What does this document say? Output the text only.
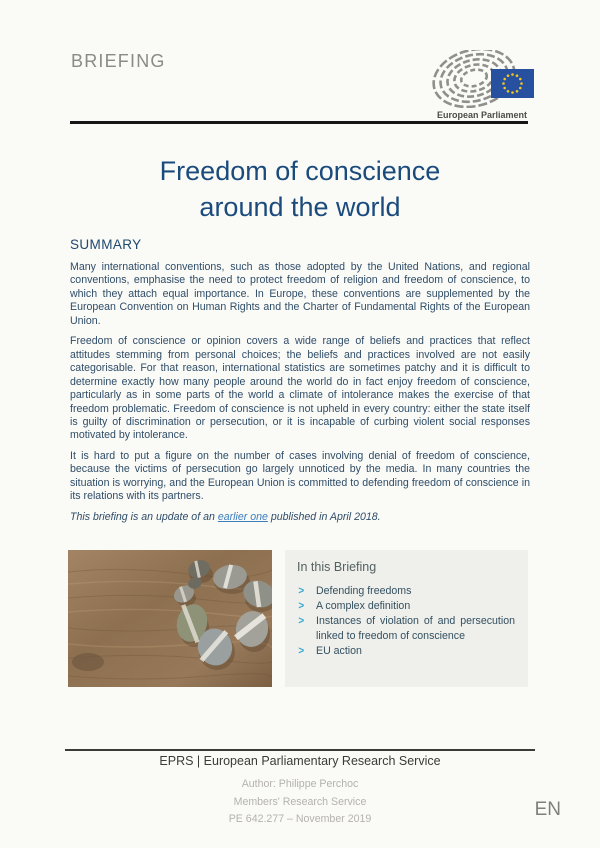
BRIEFING
European Parliament
Freedom of conscience
around the world
SUMMARY

Many international conventions, such as those adopted by the United Nations, and regional conventions, emphasise the need to protect freedom of religion and freedom of conscience, to which they attach equal importance. In Europe, these conventions are supplemented by the European Convention on Human Rights and the Charter of Fundamental Rights of the European Union.

Freedom of conscience or opinion covers a wide range of beliefs and practices that reflect attitudes stemming from personal choices; the beliefs and practices involved are not easily categorisable. For that reason, international statistics are sometimes patchy and it is difficult to determine exactly how many people around the world do in fact enjoy freedom of conscience, particularly as in some parts of the world a climate of intolerance makes the exercise of that freedom problematic. Freedom of conscience is not upheld in every country: either the state itself is guilty of discrimination or persecution, or it is incapable of curbing violent social responses motivated by intolerance.

It is hard to put a figure on the number of cases involving denial of freedom of conscience, because the victims of persecution go largely unnoticed by the media. In many countries the situation is worrying, and the European Union is committed to defending freedom of conscience in its relations with its partners.

This briefing is an update of an earlier one published in April 2018.

In this Briefing
> Defending freedoms
> A complex definition
> Instances of violation of and persecution linked to freedom of conscience
> EU action
EPRS | European Parliamentary Research Service
Author: Philippe Perchoc
Members' Research Service
PE 642.277 – November 2019	EN
